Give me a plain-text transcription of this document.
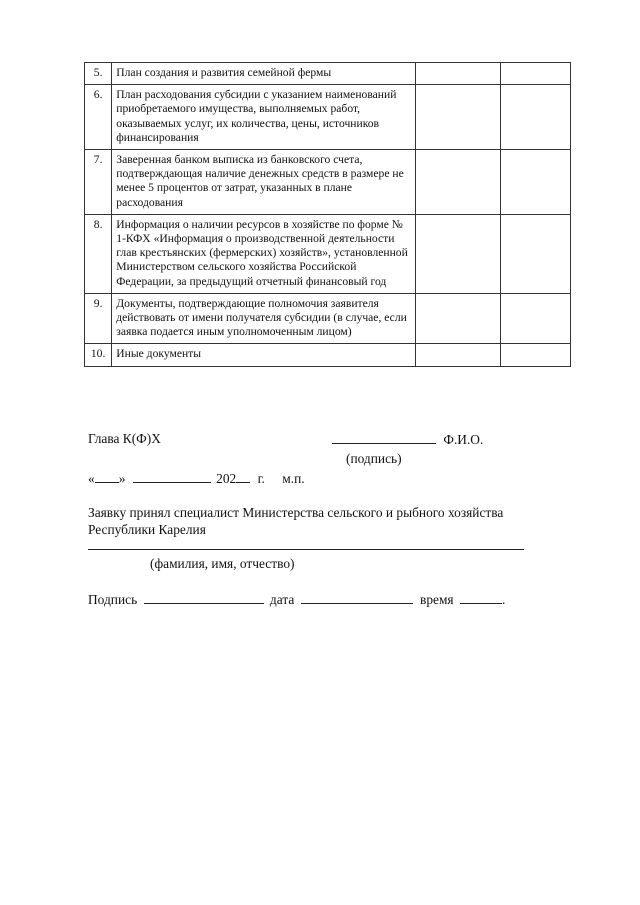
5.	План создания и развития семейной фермы		
6.	План расходования субсидии с указанием наименований приобретаемого имущества, выполняемых работ, оказываемых услуг, их количества, цены, источников финансирования		
7.	Заверенная банком выписка из банковского счета, подтверждающая наличие денежных средств в размере не менее 5 процентов от затрат, указанных в плане расходования		
8.	Информация о наличии ресурсов в хозяйстве по форме № 1-КФХ «Информация о производственной деятельности глав крестьянских (фермерских) хозяйств», установленной Министерством сельского хозяйства Российской Федерации, за предыдущий отчетный финансовый год		
9.	Документы, подтверждающие полномочия заявителя действовать от имени получателя субсидии (в случае, если заявка подается иным уполномоченным лицом)		
10.	Иные документы		
Глава К(Ф)Х	Ф.И.О.
(подпись)
« »	202 г. м.п.
Заявку принял специалист Министерства сельского и рыбного хозяйства
Республики Карелия
(фамилия, имя, отчество)
Подпись	дата	время	.
